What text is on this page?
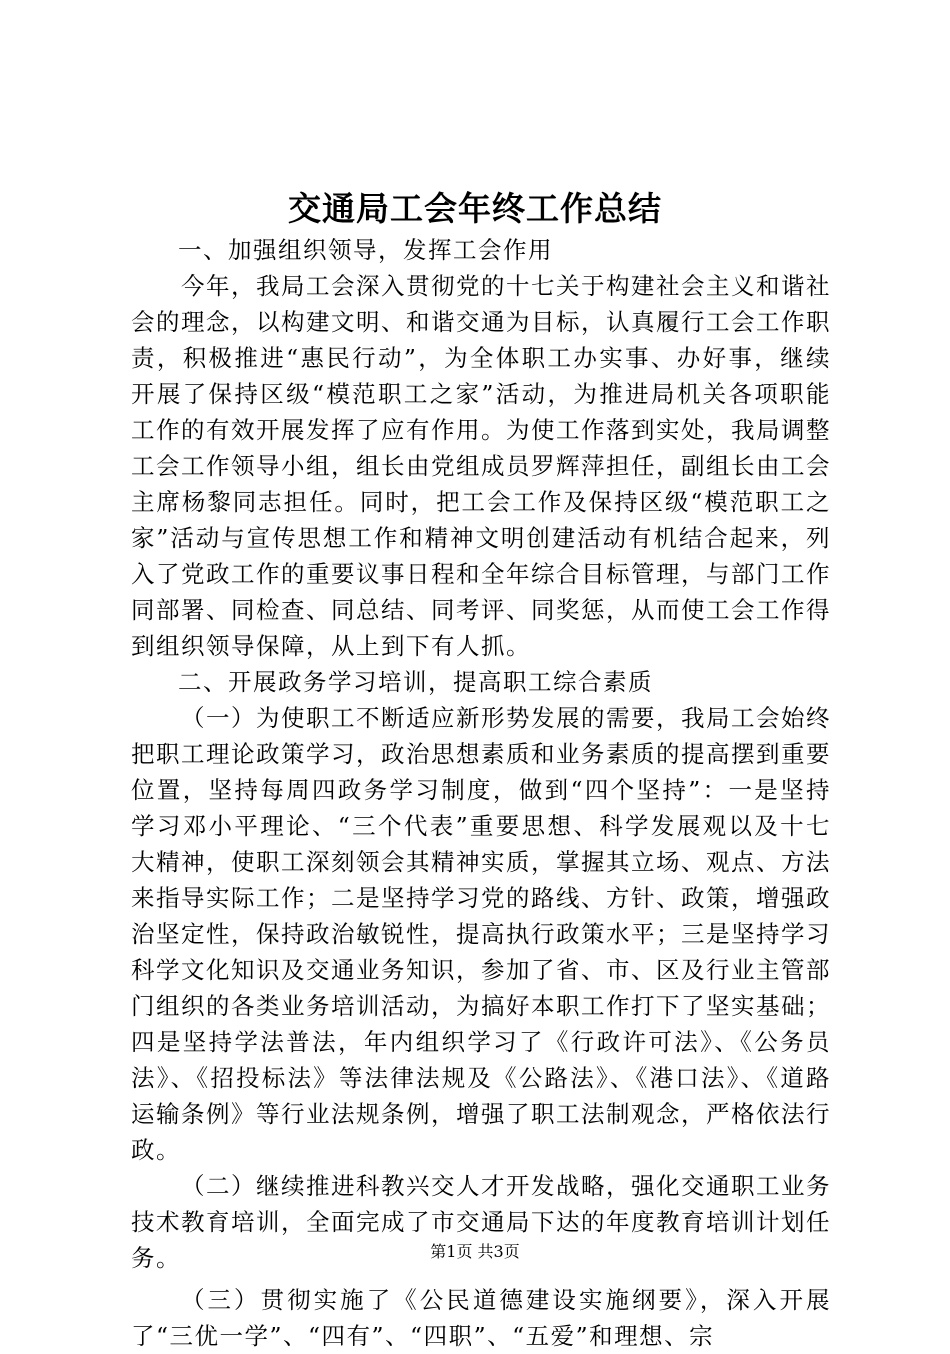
交通局工会年终工作总结

一、加强组织领导，发挥工会作用

今年，我局工会深入贯彻党的十七关于构建社会主义和谐社会的理念，以构建文明、和谐交通为目标，认真履行工会工作职责，积极推进“惠民行动”，为全体职工办实事、办好事，继续开展了保持区级“模范职工之家”活动，为推进局机关各项职能工作的有效开展发挥了应有作用。为使工作落到实处，我局调整工会工作领导小组，组长由党组成员罗辉萍担任，副组长由工会主席杨黎同志担任。同时，把工会工作及保持区级“模范职工之家”活动与宣传思想工作和精神文明创建活动有机结合起来，列入了党政工作的重要议事日程和全年综合目标管理，与部门工作同部署、同检查、同总结、同考评、同奖惩，从而使工会工作得到组织领导保障，从上到下有人抓。

二、开展政务学习培训，提高职工综合素质

（一）为使职工不断适应新形势发展的需要，我局工会始终把职工理论政策学习，政治思想素质和业务素质的提高摆到重要位置，坚持每周四政务学习制度，做到“四个坚持”：一是坚持学习邓小平理论、“三个代表”重要思想、科学发展观以及十七大精神，使职工深刻领会其精神实质，掌握其立场、观点、方法来指导实际工作；二是坚持学习党的路线、方针、政策，增强政治坚定性，保持政治敏锐性，提高执行政策水平；三是坚持学习科学文化知识及交通业务知识，参加了省、市、区及行业主管部门组织的各类业务培训活动，为搞好本职工作打下了坚实基础；四是坚持学法普法，年内组织学习了《行政许可法》、《公务员法》、《招投标法》等法律法规及《公路法》、《港口法》、《道路运输条例》等行业法规条例，增强了职工法制观念，严格依法行政。

（二）继续推进科教兴交人才开发战略，强化交通职工业务技术教育培训，全面完成了市交通局下达的年度教育培训计划任务。

（三）贯彻实施了《公民道德建设实施纲要》，深入开展了“三优一学”、“四有”、“四职”、“五爱”和理想、宗

第1页 共3页
